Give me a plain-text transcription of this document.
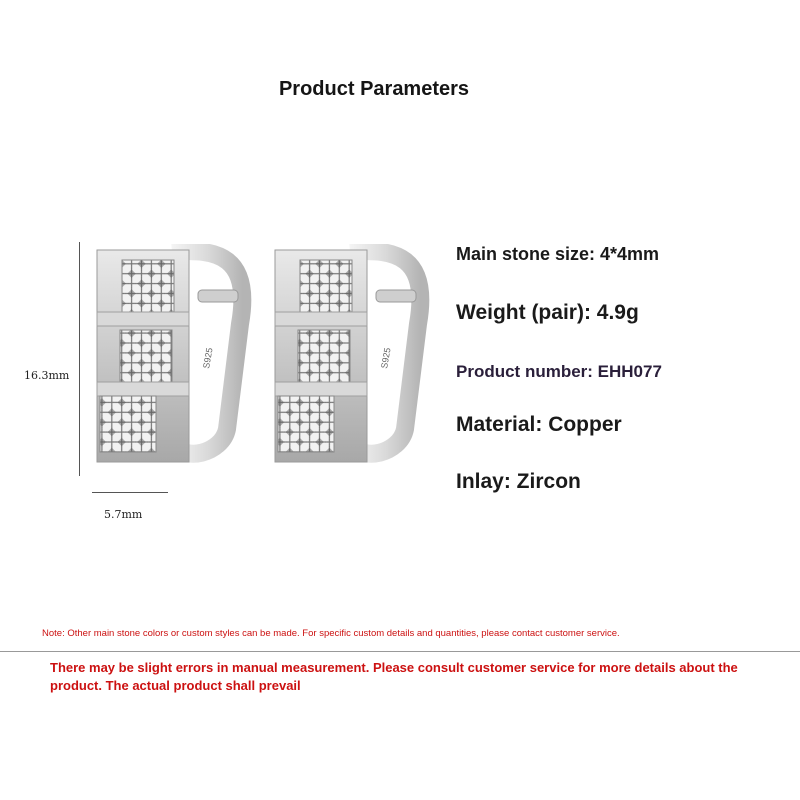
Product Parameters
16.3mm
5.7mm
S925	S925
Main stone size: 4*4mm
Weight (pair): 4.9g
Product number: EHH077
Material: Copper
Inlay: Zircon
Note: Other main stone colors or custom styles can be made. For specific custom details and quantities, please contact customer service.
There may be slight errors in manual measurement. Please consult customer service for more details about the product. The actual product shall prevail
